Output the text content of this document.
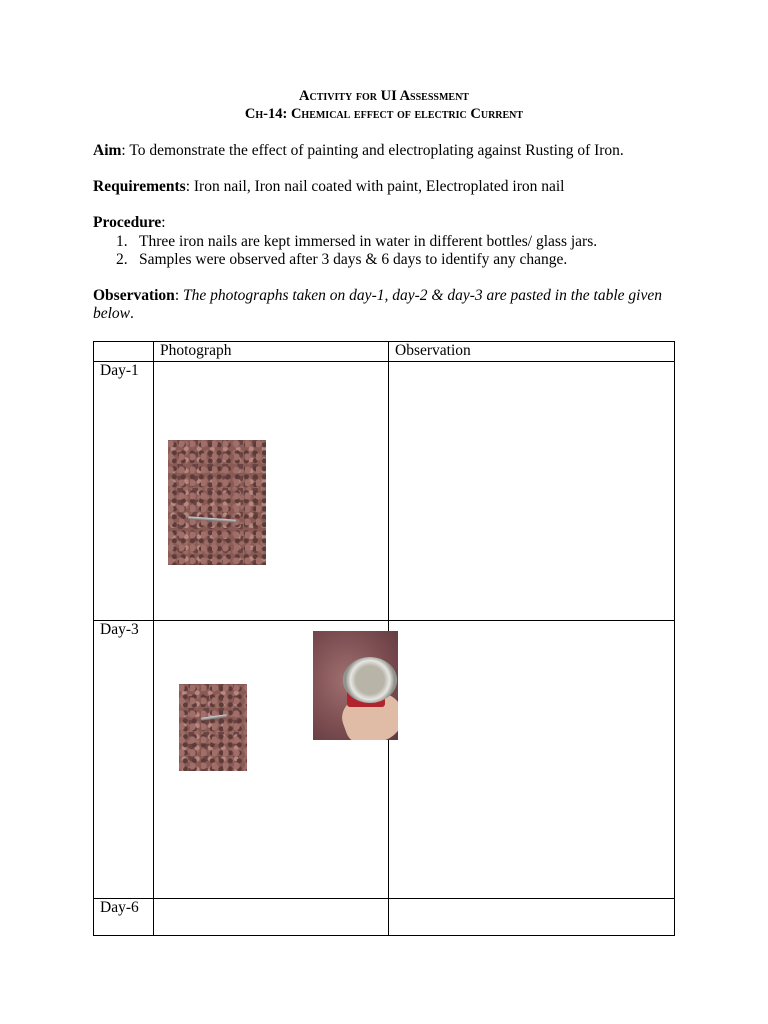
Activity for UI Assessment
Ch-14: Chemical effect of electric Current
Aim: To demonstrate the effect of painting and electroplating against Rusting of Iron.
Requirements: Iron nail, Iron nail coated with paint, Electroplated iron nail
Procedure:
1. Three iron nails are kept immersed in water in different bottles/ glass jars.
2. Samples were observed after 3 days & 6 days to identify any change.
Observation: The photographs taken on day-1, day-2 & day-3 are pasted in the table given below.
	Photograph	Observation
Day-1		
Day-3		
Day-6		
